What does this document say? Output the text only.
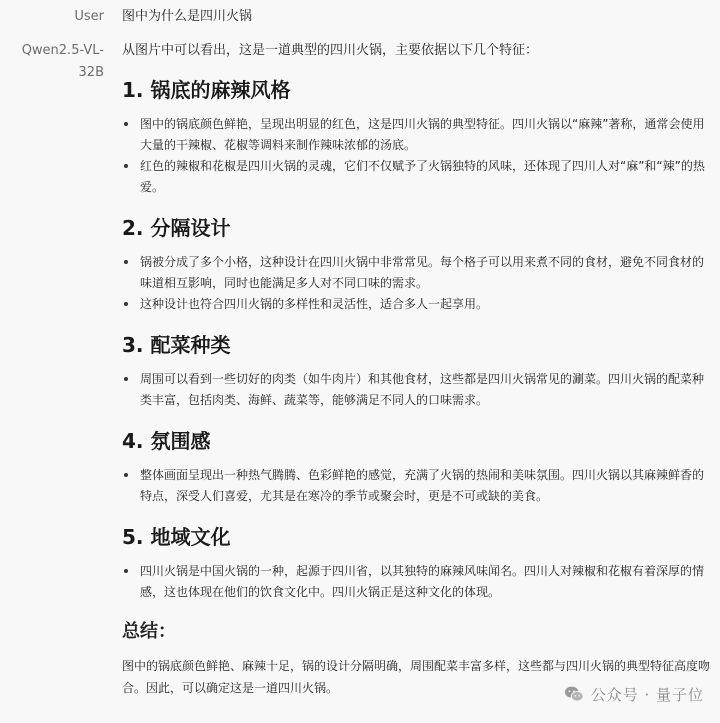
User 图中为什么是四川火锅
Qwen2.5-VL-32B

从图片中可以看出，这是一道典型的四川火锅，主要依据以下几个特征：

1. 锅底的麻辣风格
图中的锅底颜色鲜艳，呈现出明显的红色，这是四川火锅的典型特征。四川火锅以“麻辣”著称，通常会使用大量的干辣椒、花椒等调料来制作辣味浓郁的汤底。
红色的辣椒和花椒是四川火锅的灵魂，它们不仅赋予了火锅独特的风味，还体现了四川人对“麻”和“辣”的热爱。
2. 分隔设计
锅被分成了多个小格，这种设计在四川火锅中非常常见。每个格子可以用来煮不同的食材，避免不同食材的味道相互影响，同时也能满足多人对不同口味的需求。
这种设计也符合四川火锅的多样性和灵活性，适合多人一起享用。
3. 配菜种类
周围可以看到一些切好的肉类（如牛肉片）和其他食材，这些都是四川火锅常见的涮菜。四川火锅的配菜种类丰富，包括肉类、海鲜、蔬菜等，能够满足不同人的口味需求。
4. 氛围感
整体画面呈现出一种热气腾腾、色彩鲜艳的感觉，充满了火锅的热闹和美味氛围。四川火锅以其麻辣鲜香的特点，深受人们喜爱，尤其是在寒冷的季节或聚会时，更是不可或缺的美食。
5. 地域文化
四川火锅是中国火锅的一种，起源于四川省，以其独特的麻辣风味闻名。四川人对辣椒和花椒有着深厚的情感，这也体现在他们的饮食文化中。四川火锅正是这种文化的体现。
总结：

图中的锅底颜色鲜艳、麻辣十足，锅的设计分隔明确，周围配菜丰富多样，这些都与四川火锅的典型特征高度吻合。因此，可以确定这是一道四川火锅。	公众号 · 量子位
